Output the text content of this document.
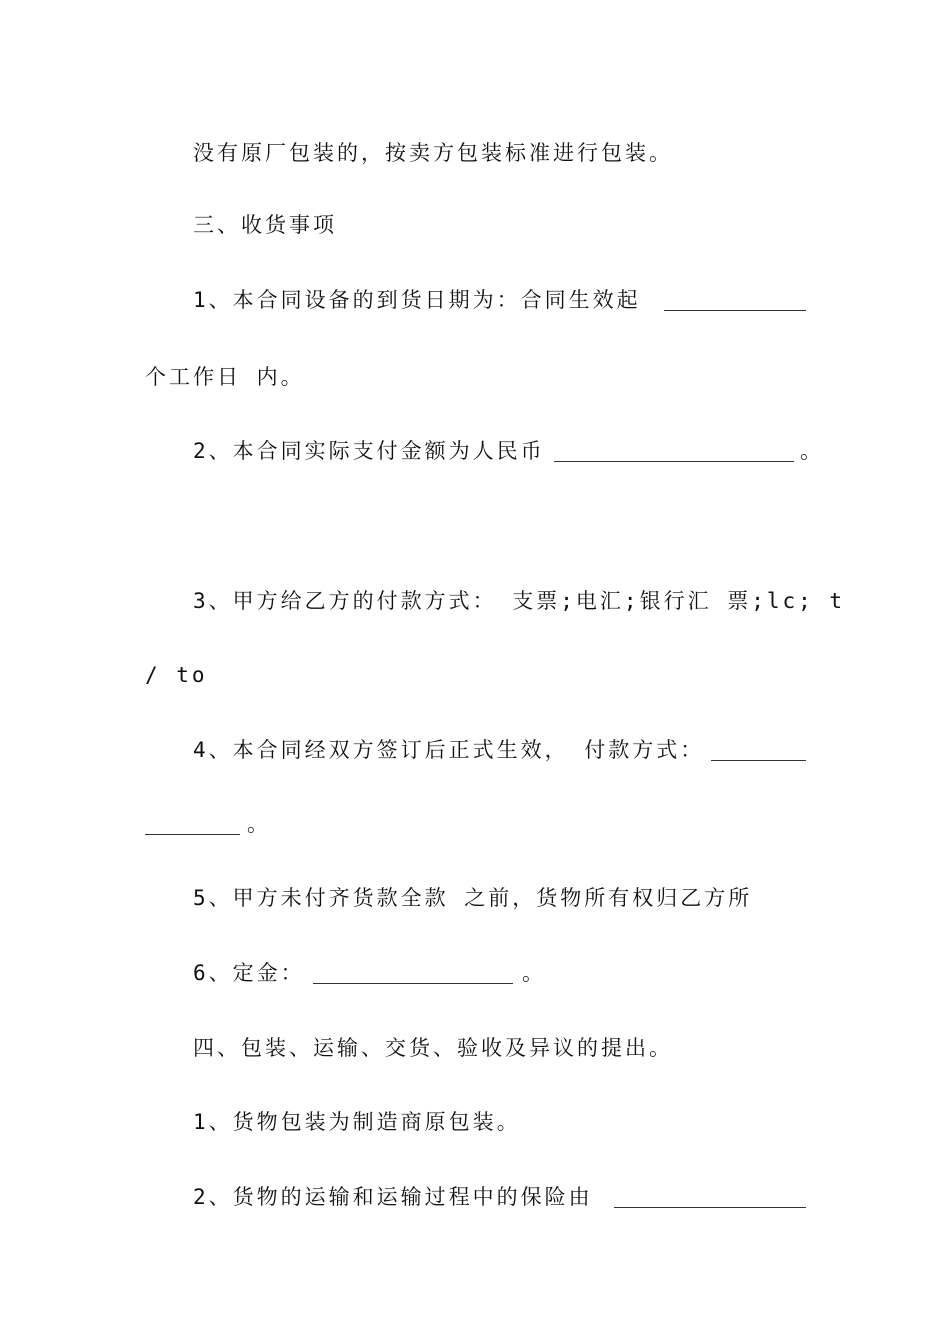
没有原厂包装的，按卖方包装标准进行包装。
三、收货事项
1、本合同设备的到货日期为：合同生效起
个工作日 内。
2、本合同实际支付金额为人民币	。
3、甲方给乙方的付款方式： 支票;电汇;银行汇 票;lc; t
/ to
4、本合同经双方签订后正式生效， 付款方式：
。
5、甲方未付齐货款全款 之前，货物所有权归乙方所
6、定金：	。
四、包装、运输、交货、验收及异议的提出。
1、货物包装为制造商原包装。
2、货物的运输和运输过程中的保险由
